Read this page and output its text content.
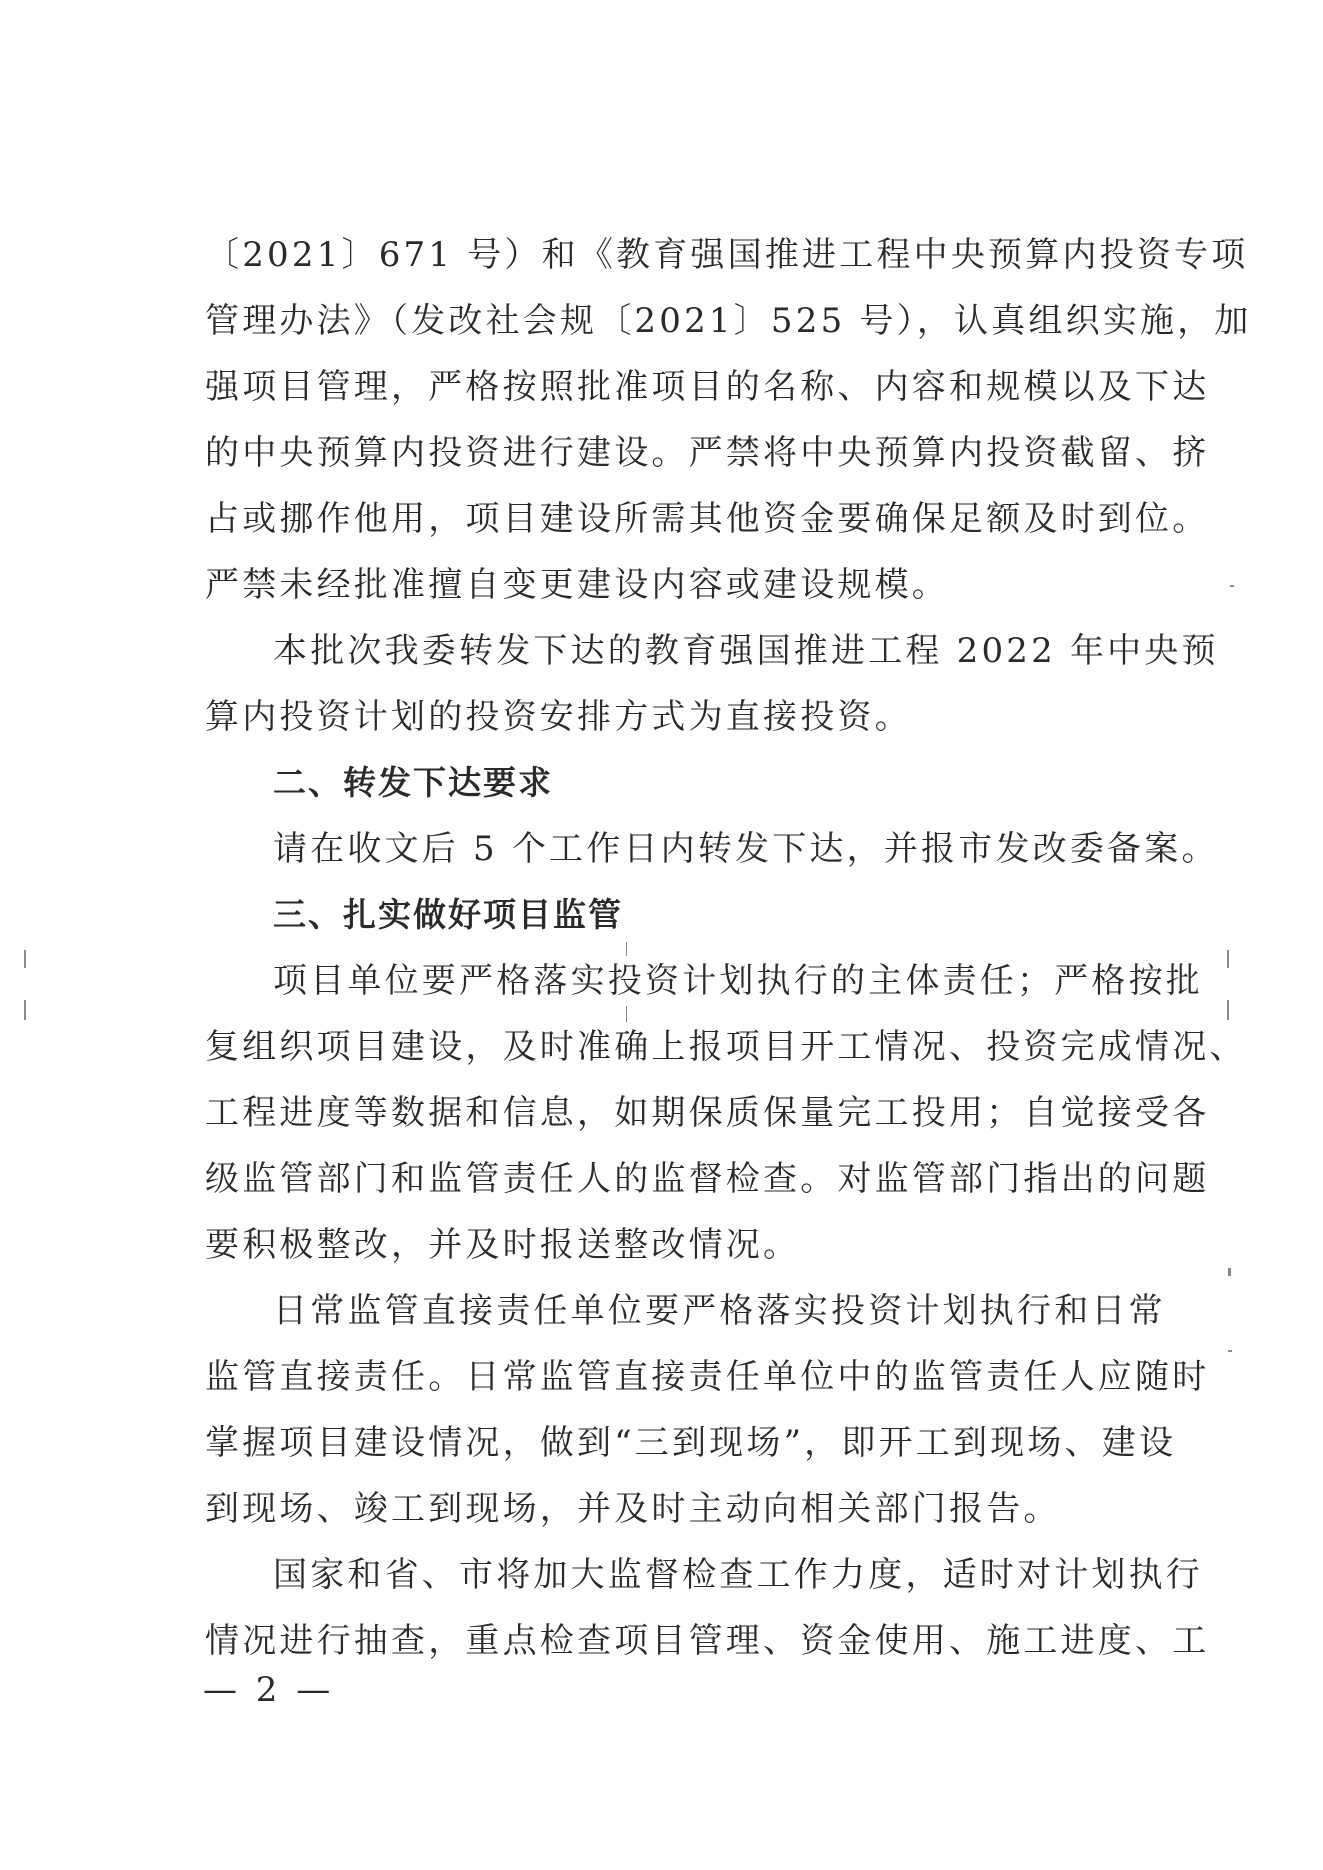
〔2021〕671 号）和《教育强国推进工程中央预算内投资专项
管理办法》（发改社会规〔2021〕525 号），认真组织实施，加
强项目管理，严格按照批准项目的名称、内容和规模以及下达
的中央预算内投资进行建设。严禁将中央预算内投资截留、挤
占或挪作他用，项目建设所需其他资金要确保足额及时到位。
严禁未经批准擅自变更建设内容或建设规模。
本批次我委转发下达的教育强国推进工程 2022 年中央预
算内投资计划的投资安排方式为直接投资。
二、转发下达要求
请在收文后 5 个工作日内转发下达，并报市发改委备案。
三、扎实做好项目监管
项目单位要严格落实投资计划执行的主体责任；严格按批
复组织项目建设，及时准确上报项目开工情况、投资完成情况、
工程进度等数据和信息，如期保质保量完工投用；自觉接受各
级监管部门和监管责任人的监督检查。对监管部门指出的问题
要积极整改，并及时报送整改情况。
日常监管直接责任单位要严格落实投资计划执行和日常
监管直接责任。日常监管直接责任单位中的监管责任人应随时
掌握项目建设情况，做到“三到现场”，即开工到现场、建设
到现场、竣工到现场，并及时主动向相关部门报告。
国家和省、市将加大监督检查工作力度，适时对计划执行
情况进行抽查，重点检查项目管理、资金使用、施工进度、工
— 2 —
